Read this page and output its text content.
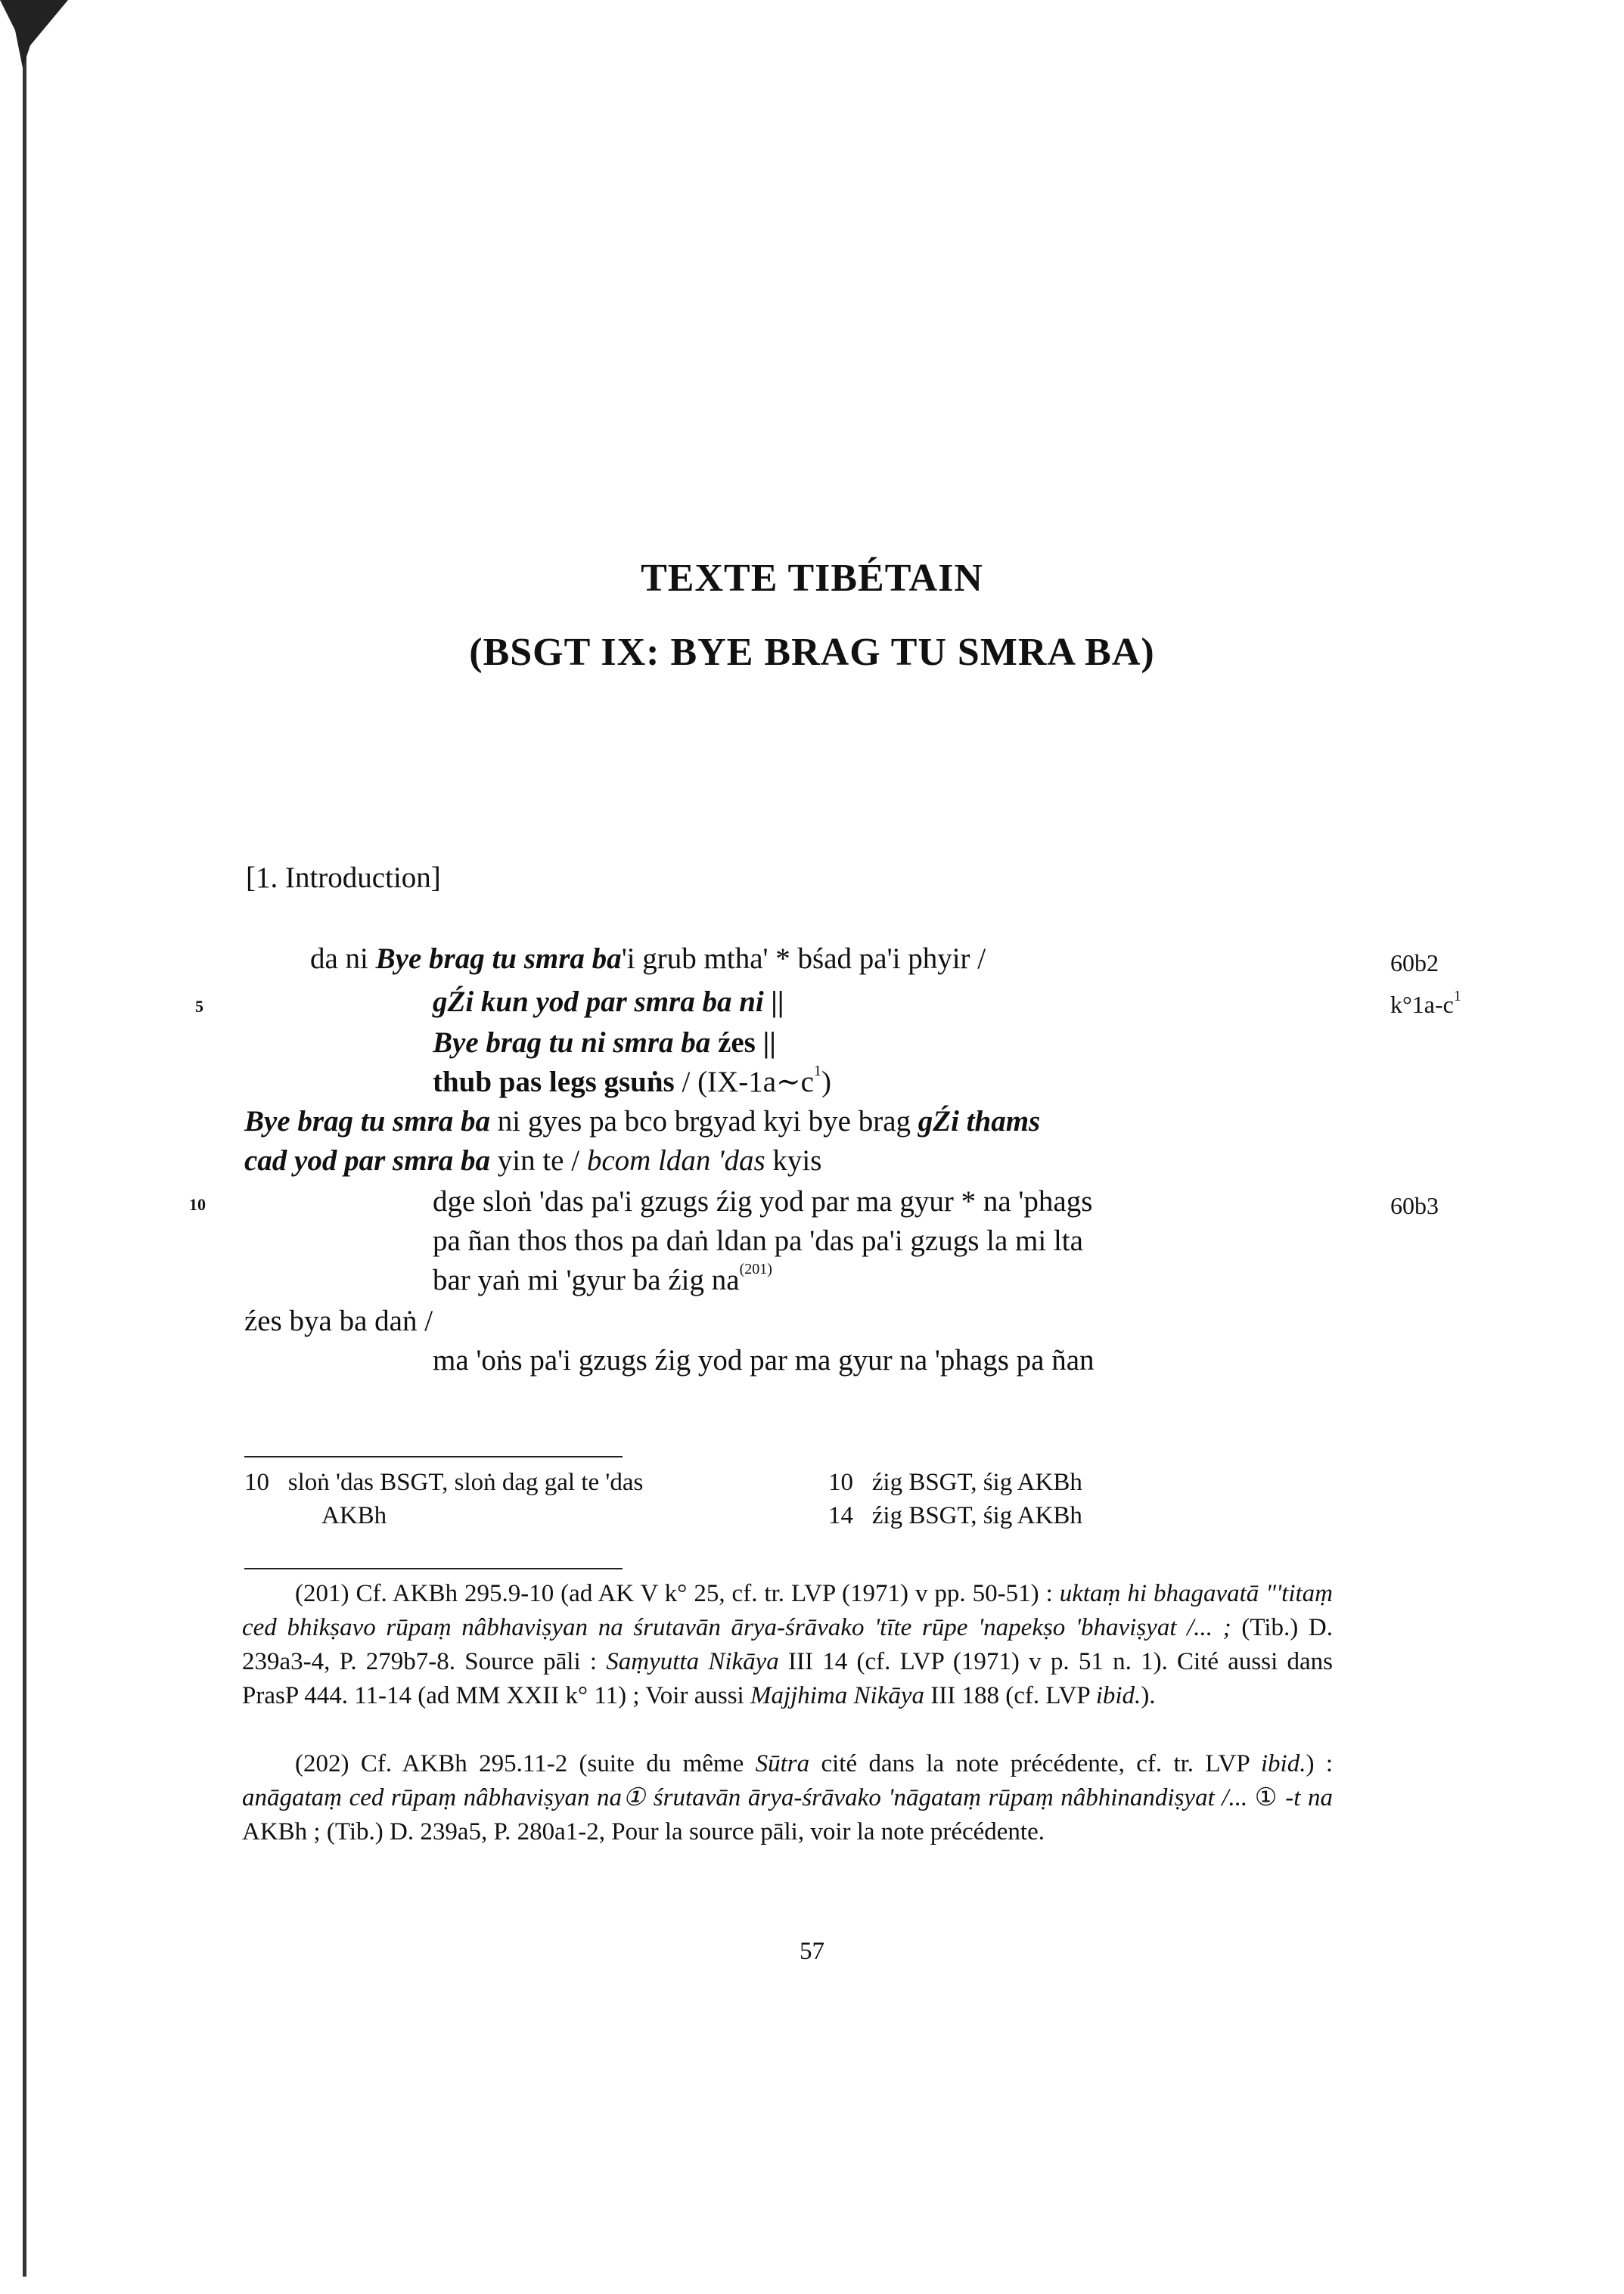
TEXTE TIBÉTAIN
(BSGT IX: BYE BRAG TU SMRA BA)
[1. Introduction]
da ni Bye brag tu smra ba'i grub mtha' * bśad pa'i phyir /	60b2
5	gŹi kun yod par smra ba ni ||	$k^\circ 1a-c^1$
Bye brag tu ni smra ba źes ||
thub pas legs gsuṅs / $(IX-1a\sim c^1)$
Bye brag tu smra ba ni gyes pa bco brgyad kyi bye brag gŹi thams
cad yod par smra ba yin te / bcom ldan 'das kyis
10	dge sloṅ 'das pa'i gzugs źig yod par ma gyur * na 'phags	60b3
pa ñan thos thos pa daṅ ldan pa 'das pa'i gzugs la mi lta
bar yaṅ mi 'gyur ba źig $na^{(201)}$
źes bya ba daṅ /
ma 'oṅs pa'i gzugs źig yod par ma gyur na 'phags pa ñan
10 sloṅ 'das BSGT, sloṅ dag gal te 'das
AKBh
10 źig BSGT, śig AKBh
14 źig BSGT, śig AKBh

(201) Cf. AKBh 295.9-10 (ad AK V k° 25, cf. tr. LVP (1971) v pp. 50-51) : uktaṃ hi bhagavatā "'titaṃ ced bhikṣavo rūpaṃ nâbhaviṣyan na śrutavān ārya-śrāvako 'tīte rūpe 'napekṣo 'bhaviṣyat /... ; (Tib.) D. 239a3-4, P. 279b7-8. Source pāli : Saṃyutta Nikāya III 14 (cf. LVP (1971) v p. 51 n. 1). Cité aussi dans PrasP 444. 11-14 (ad MM XXII k° 11) ; Voir aussi Majjhima Nikāya III 188 (cf. LVP ibid.).

(202) Cf. AKBh 295.11-2 (suite du même Sūtra cité dans la note précédente, cf. tr. LVP ibid.) : anāgataṃ ced rūpaṃ nâbhaviṣyan na① śrutavān ārya-śrāvako 'nāgataṃ rūpaṃ nâbhinandiṣyat /... ① -t na AKBh ; (Tib.) D. 239a5, P. 280a1-2, Pour la source pāli, voir la note précédente.

57
